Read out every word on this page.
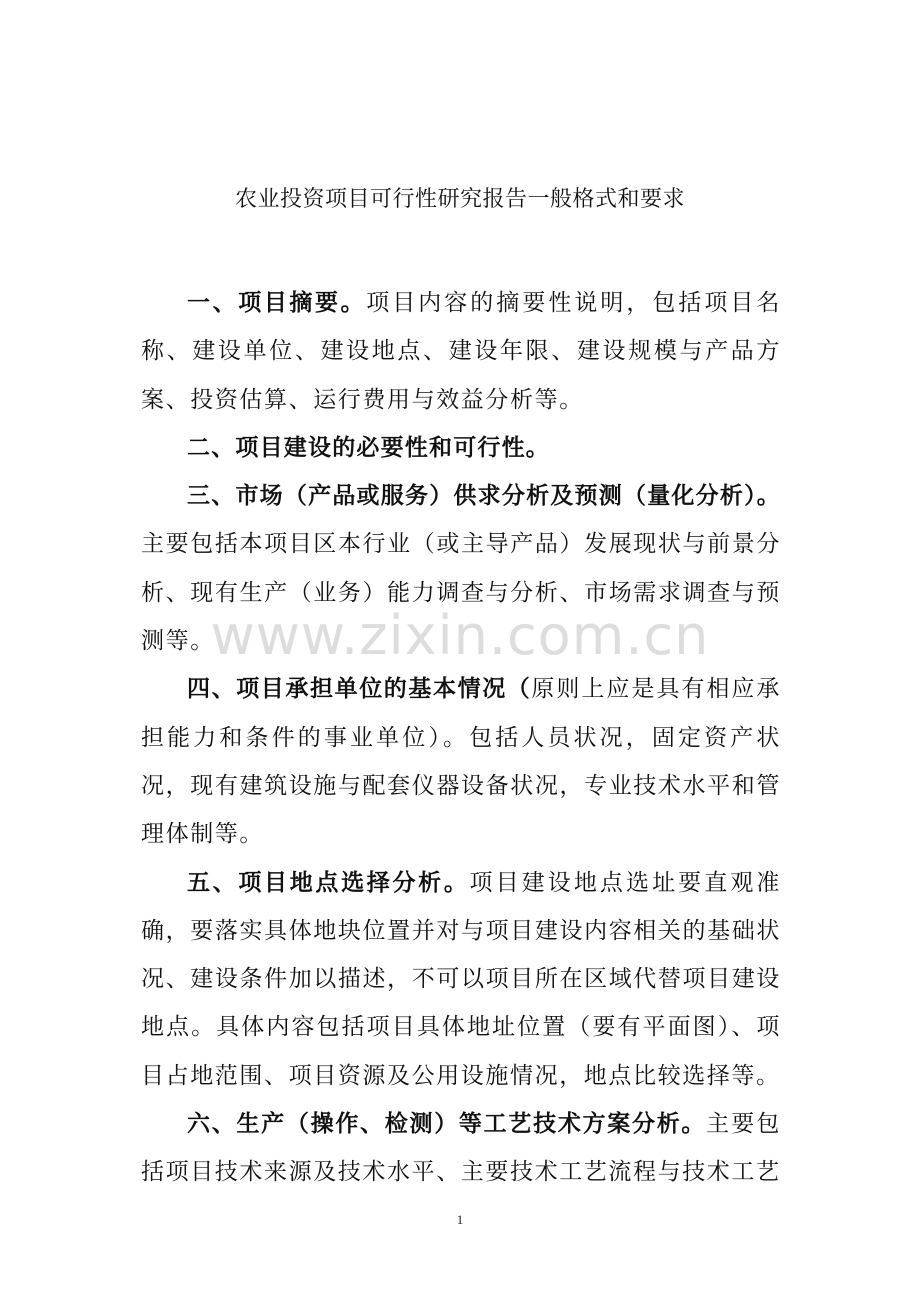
农业投资项目可行性研究报告一般格式和要求
www.zixin.com.cn

一、项目摘要。项目内容的摘要性说明，包括项目名称、建设单位、建设地点、建设年限、建设规模与产品方案、投资估算、运行费用与效益分析等。

二、项目建设的必要性和可行性。

三、市场（产品或服务）供求分析及预测（量化分析）。主要包括本项目区本行业（或主导产品）发展现状与前景分析、现有生产（业务）能力调查与分析、市场需求调查与预测等。

四、项目承担单位的基本情况（原则上应是具有相应承担能力和条件的事业单位）。包括人员状况，固定资产状况，现有建筑设施与配套仪器设备状况，专业技术水平和管理体制等。

五、项目地点选择分析。项目建设地点选址要直观准确，要落实具体地块位置并对与项目建设内容相关的基础状况、建设条件加以描述，不可以项目所在区域代替项目建设地点。具体内容包括项目具体地址位置（要有平面图）、项目占地范围、项目资源及公用设施情况，地点比较选择等。

六、生产（操作、检测）等工艺技术方案分析。主要包括项目技术来源及技术水平、主要技术工艺流程与技术工艺

1
